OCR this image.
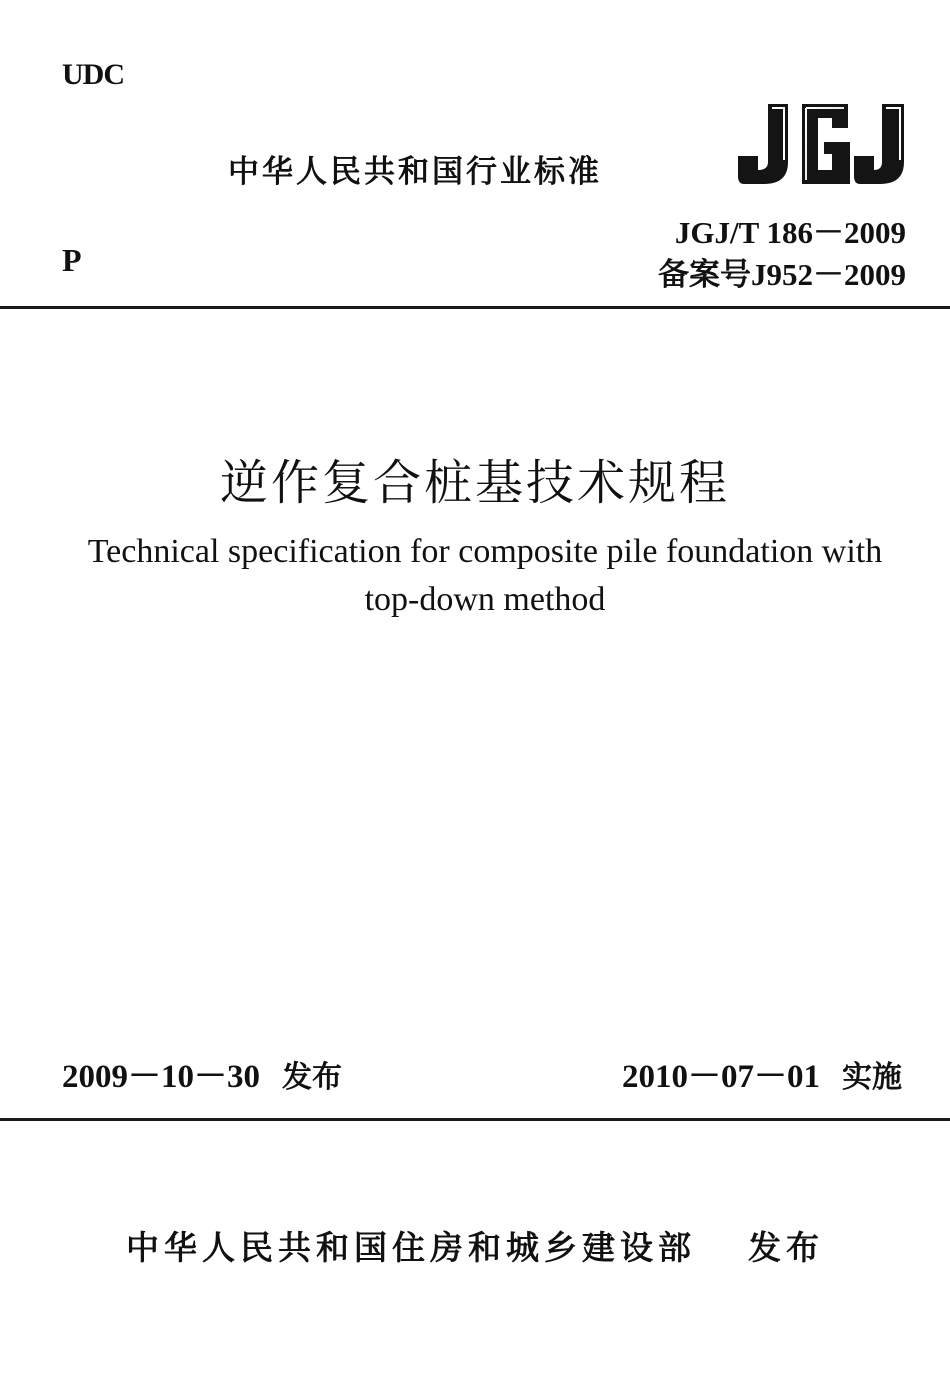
UDC
中华人民共和国行业标准
P
JGJ/T 186－2009
备案号J952－2009
逆作复合桩基技术规程
Technical specification for composite pile foundation with
top-down method
2009－10－30 发布	2010－07－01 实施
中华人民共和国住房和城乡建设部 发布
